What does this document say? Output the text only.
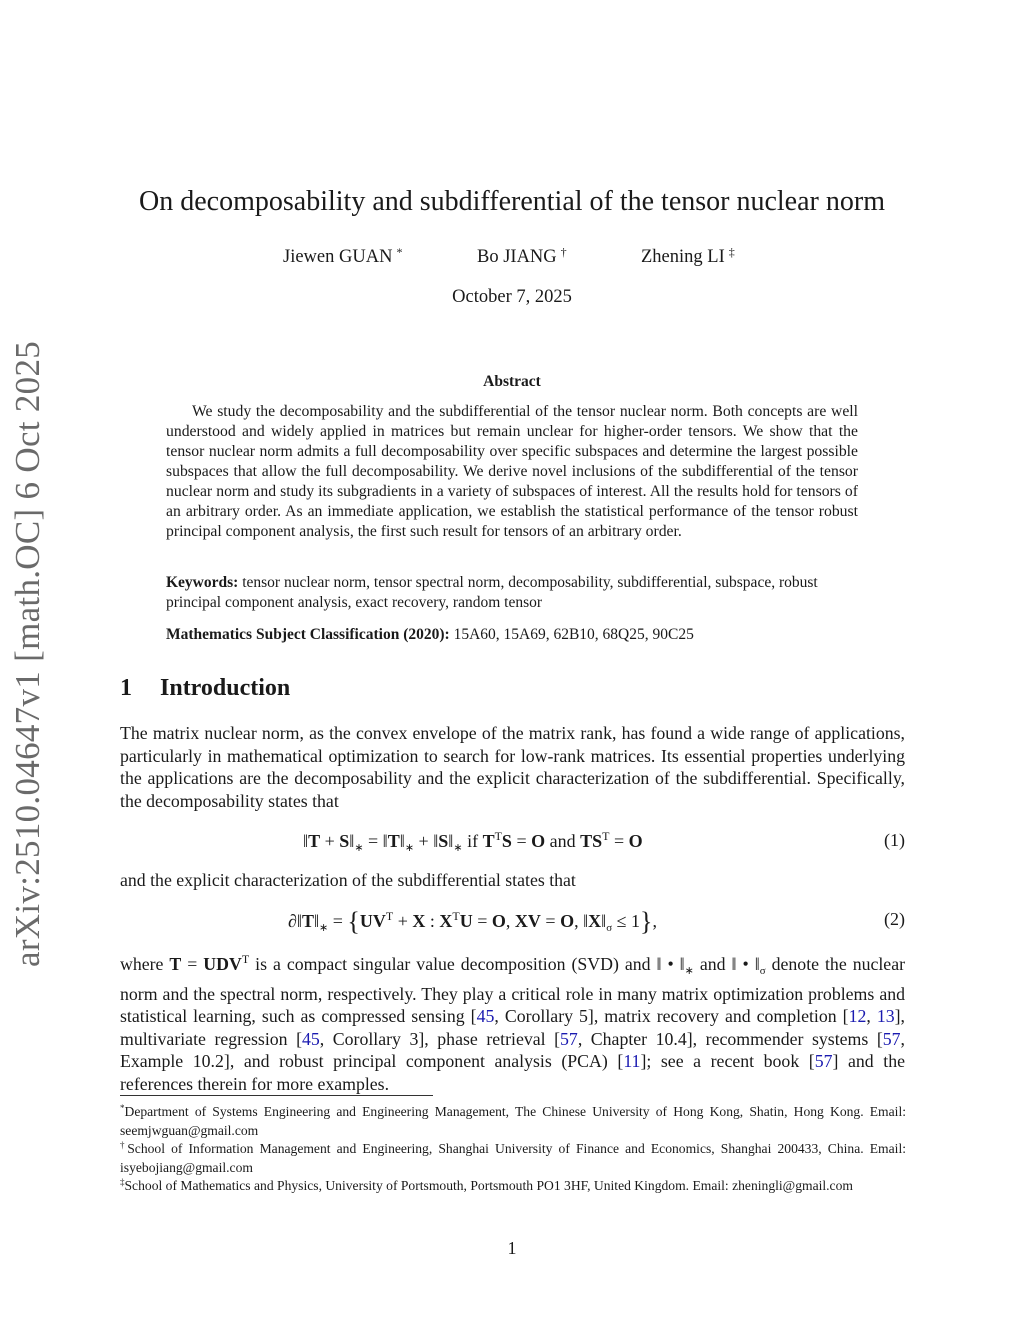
arXiv:2510.04647v1 [math.OC] 6 Oct 2025
On decomposability and subdifferential of the tensor nuclear norm
Jiewen GUAN *	Bo JIANG †	Zhening LI ‡
October 7, 2025
Abstract
We study the decomposability and the subdifferential of the tensor nuclear norm. Both concepts are well understood and widely applied in matrices but remain unclear for higher-order tensors. We show that the tensor nuclear norm admits a full decomposability over specific subspaces and determine the largest possible subspaces that allow the full decomposability. We derive novel inclusions of the subdifferential of the tensor nuclear norm and study its subgradients in a variety of subspaces of interest. All the results hold for tensors of an arbitrary order. As an immediate application, we establish the statistical performance of the tensor robust principal component analysis, the first such result for tensors of an arbitrary order.
Keywords: tensor nuclear norm, tensor spectral norm, decomposability, subdifferential, subspace, robust principal component analysis, exact recovery, random tensor
Mathematics Subject Classification (2020): 15A60, 15A69, 62B10, 68Q25, 90C25
1 Introduction
The matrix nuclear norm, as the convex envelope of the matrix rank, has found a wide range of applications, particularly in mathematical optimization to search for low-rank matrices. Its essential properties underlying the applications are the decomposability and the explicit characterization of the subdifferential. Specifically, the decomposability states that
‖T + $S‖_∗$ = $‖T‖_∗$ + $‖S‖_∗$ if $T^TS = O$ and $TS^T = O$	(1)
and the explicit characterization of the subdifferential states that
$\partial‖T‖_∗ = \{UV^T + X$ : $X^TU = O$, XV = O, $‖X‖_\sigma \le 1$},	(2)
where $T = UDV^T$ is a compact singular value decomposition (SVD) and ‖ • $‖_∗$ and ‖ • $‖_\sigma$ denote the nuclear norm and the spectral norm, respectively. They play a critical role in many matrix optimization problems and statistical learning, such as compressed sensing [45, Corollary 5], matrix recovery and completion [12, 13], multivariate regression [45, Corollary 3], phase retrieval [57, Chapter 10.4], recommender systems [57, Example 10.2], and robust principal component analysis (PCA) [11]; see a recent book [57] and the references therein for more examples.
*Department of Systems Engineering and Engineering Management, The Chinese University of Hong Kong, Shatin, Hong Kong. Email: seemjwguan@gmail.com
†School of Information Management and Engineering, Shanghai University of Finance and Economics, Shanghai 200433, China. Email: isyebojiang@gmail.com
‡School of Mathematics and Physics, University of Portsmouth, Portsmouth PO1 3HF, United Kingdom. Email: zheningli@gmail.com
1
